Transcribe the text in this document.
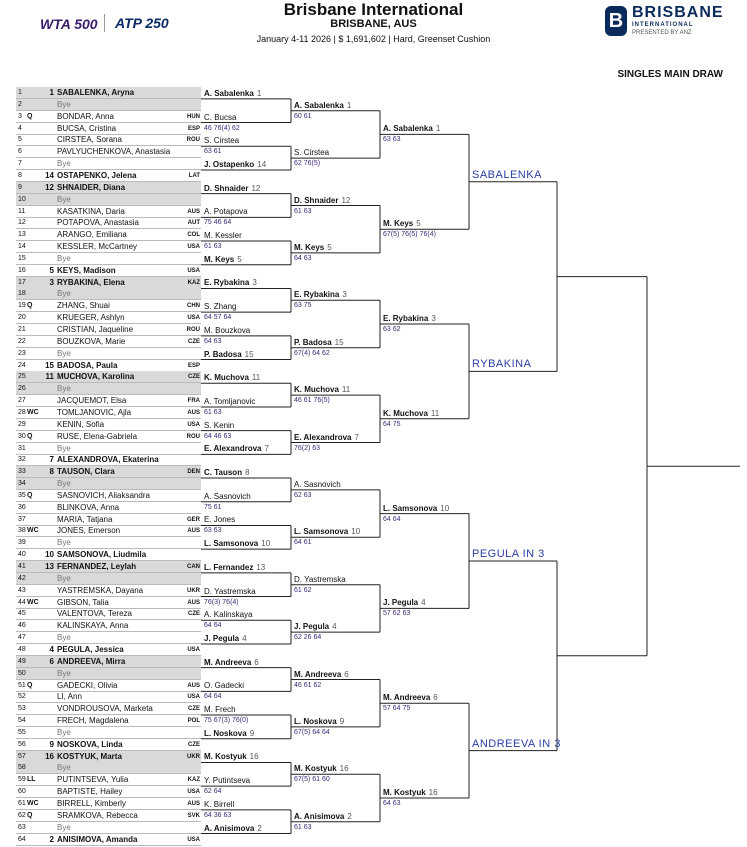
WTA 500 ATP 250
Brisbane International
BRISBANE, AUS
January 4-11 2026 | $ 1,691,602 | Hard, Greenset Cushion
B BRISBANE
INTERNATIONAL
PRESENTED BY ANZ
SINGLES MAIN DRAW
1	1 SABALENKA, Aryna
2	Bye
3 Q	BONDAR, Anna	HUN
4	BUCSA, Cristina	ESP
5	CIRSTEA, Sorana	ROU
6	PAVLYUCHENKOVA, Anastasia
7	Bye
8	14 OSTAPENKO, Jelena	LAT
9	12 SHNAIDER, Diana
10	Bye
11	KASATKINA, Daria	AUS
12	POTAPOVA, Anastasia	AUT
13	ARANGO, Emiliana	COL
14	KESSLER, McCartney	USA
15	Bye
16	5 KEYS, Madison	USA
17	3 RYBAKINA, Elena	KAZ
18	Bye
19 Q	ZHANG, Shuai	CHN
20	KRUEGER, Ashlyn	USA
21	CRISTIAN, Jaqueline	ROU
22	BOUZKOVA, Marie	CZE
23	Bye
24	15 BADOSA, Paula	ESP
25	11 MUCHOVA, Karolina	CZE
26	Bye
27	JACQUEMOT, Elsa	FRA
28 WC TOMLJANOVIC, Ajla	AUS
29	KENIN, Sofia	USA
30 Q	RUSE, Elena-Gabriela	ROU
31	Bye
32	7 ALEXANDROVA, Ekaterina
33	8 TAUSON, Clara	DEN
34	Bye
35 Q	SASNOVICH, Aliaksandra
36	BLINKOVA, Anna
37	MARIA, Tatjana	GER
38 WC JONES, Emerson	AUS
39	Bye
40	10 SAMSONOVA, Liudmila
41	13 FERNANDEZ, Leylah	CAN
42	Bye
43	YASTREMSKA, Dayana	UKR
44 WC GIBSON, Talia	AUS
45	VALENTOVA, Tereza	CZE
46	KALINSKAYA, Anna
47	Bye
48	4 PEGULA, Jessica	USA
49	6 ANDREEVA, Mirra
50	Bye
51 Q	GADECKI, Olivia	AUS
52	LI, Ann	USA
53	VONDROUSOVA, Marketa	CZE
54	FRECH, Magdalena	POL
55	Bye
56	9 NOSKOVA, Linda	CZE
57	16 KOSTYUK, Marta	UKR
58	Bye
59 LL	PUTINTSEVA, Yulia	KAZ
60	BAPTISTE, Hailey	USA
61 WC BIRRELL, Kimberly	AUS
62 Q	SRAMKOVA, Rebecca	SVK
63	Bye
64	2 ANISIMOVA, Amanda	USA
A. Sabalenka 1
C. Bucsa
46 76(4) 62
S. Cirstea
63 61
J. Ostapenko 14
D. Shnaider 12
A. Potapova
75 46 64
M. Kessler
61 63
M. Keys 5
E. Rybakina 3
S. Zhang
64 57 64
M. Bouzkova
64 63
P. Badosa 15
K. Muchova 11
A. Tomljanovic
61 63
S. Kenin
64 46 63
E. Alexandrova 7
C. Tauson 8
A. Sasnovich
75 61
E. Jones
63 63
L. Samsonova 10
L. Fernandez 13
D. Yastremska
76(3) 76(4)
A. Kalinskaya
64 64
J. Pegula 4
M. Andreeva 6
O. Gadecki
64 64
M. Frech
75 67(3) 76(0)
L. Noskova 9
M. Kostyuk 16
Y. Putintseva
62 64
K. Birrell
64 36 63
A. Anisimova 2
A. Sabalenka 1
60 61
S. Cirstea
62 76(5)
D. Shnaider 12
61 63
M. Keys 5
64 63
E. Rybakina 3
63 75
P. Badosa 15
67(4) 64 62
K. Muchova 11
46 61 76(5)
E. Alexandrova 7
76(2) 63
A. Sasnovich
62 63
L. Samsonova 10
64 61
D. Yastremska
61 62
J. Pegula 4
62 26 64
M. Andreeva 6
46 61 62
L. Noskova 9
67(5) 64 64
M. Kostyuk 16
67(5) 61 60
A. Anisimova 2
61 63
A. Sabalenka 1
63 63
M. Keys 5
67(5) 76(5) 76(4)
E. Rybakina 3
63 62
K. Muchova 11
64 75
L. Samsonova 10
64 64
J. Pegula 4
57 62 63
M. Andreeva 6
57 64 75
M. Kostyuk 16
64 63
SABALENKA
RYBAKINA
PEGULA IN 3
ANDREEVA IN 3
